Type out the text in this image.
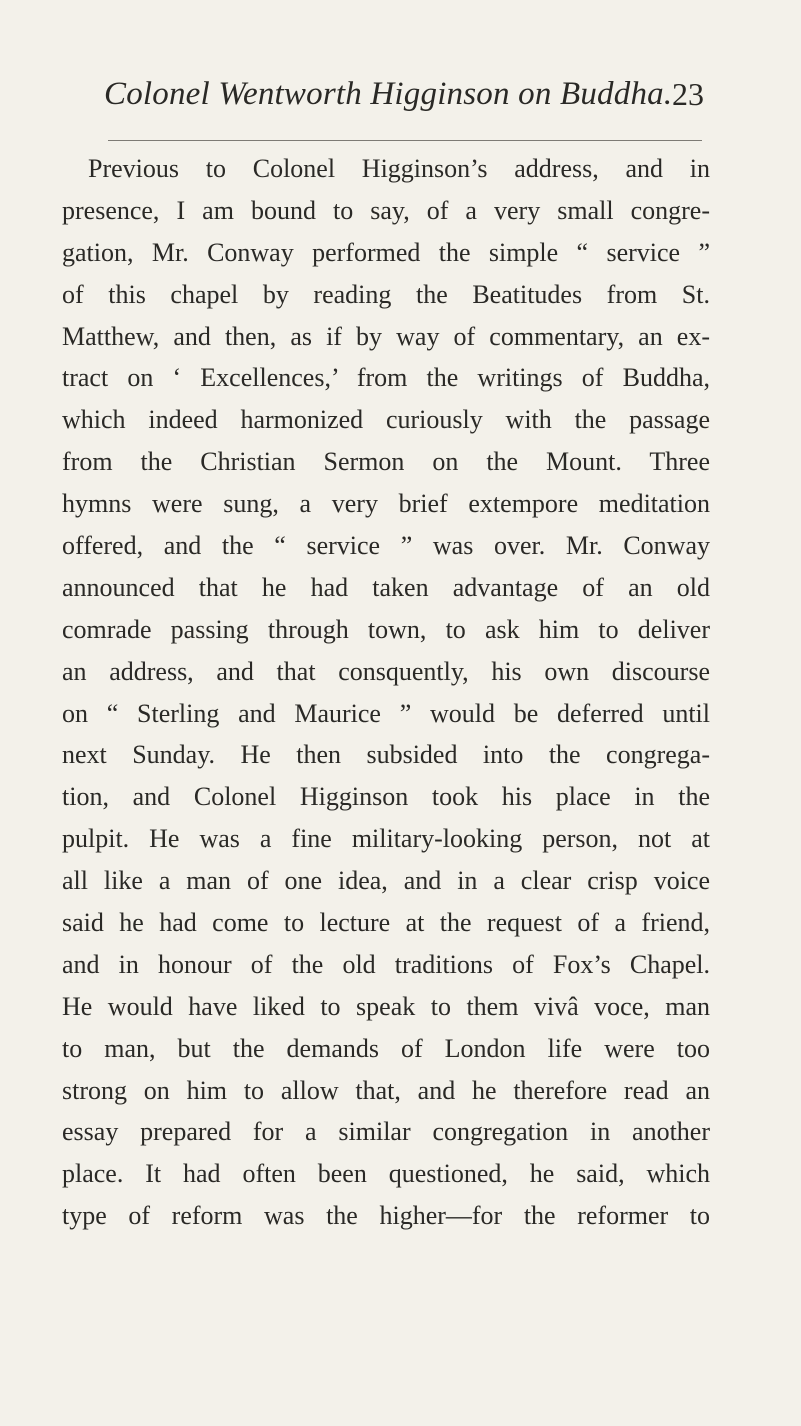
Colonel Wentworth Higginson on Buddha. 23
Previous to Colonel Higginson’s address, and in
presence, I am bound to say, of a very small congre-
gation, Mr. Conway performed the simple “ service ”
of this chapel by reading the Beatitudes from St.
Matthew, and then, as if by way of commentary, an ex-
tract on ‘ Excellences,’ from the writings of Buddha,
which indeed harmonized curiously with the passage
from the Christian Sermon on the Mount. Three
hymns were sung, a very brief extempore meditation
offered, and the “ service ” was over. Mr. Conway
announced that he had taken advantage of an old
comrade passing through town, to ask him to deliver
an address, and that consquently, his own discourse
on “ Sterling and Maurice ” would be deferred until
next Sunday. He then subsided into the congrega-
tion, and Colonel Higginson took his place in the
pulpit. He was a fine military-looking person, not at
all like a man of one idea, and in a clear crisp voice
said he had come to lecture at the request of a friend,
and in honour of the old traditions of Fox’s Chapel.
He would have liked to speak to them vivâ voce, man
to man, but the demands of London life were too
strong on him to allow that, and he therefore read an
essay prepared for a similar congregation in another
place. It had often been questioned, he said, which
type of reform was the higher—for the reformer to
